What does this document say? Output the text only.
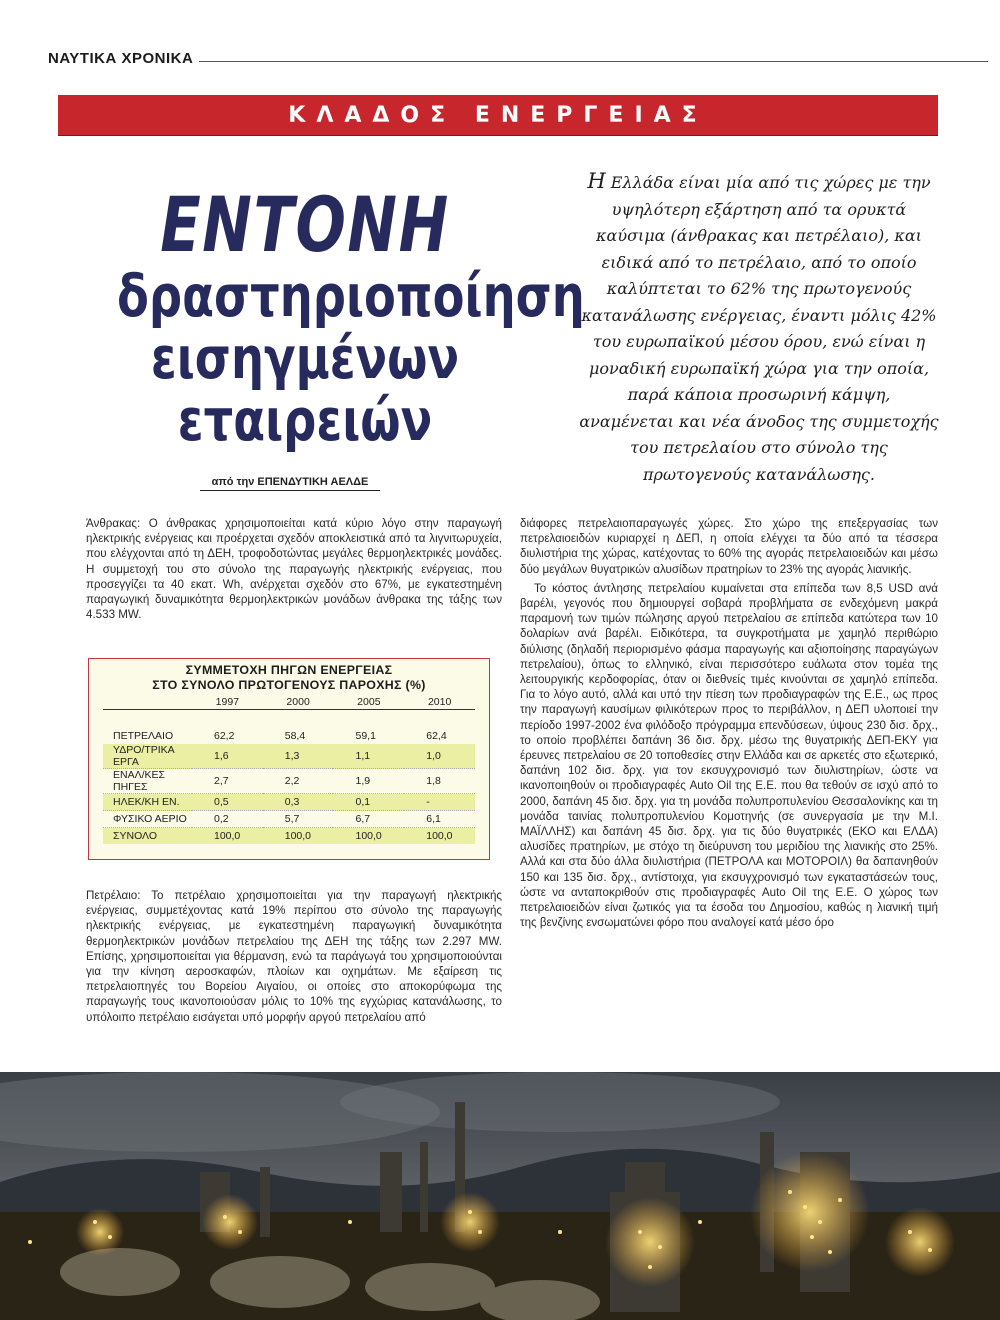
ΝΑΥΤΙΚΑ ΧΡΟΝΙΚΑ
ΚΛΑΔΟΣ ΕΝΕΡΓΕΙΑΣ
ΕΝΤΟΝΗ
δραστηριοποίηση
εισηγμένων
εταιρειών
από την ΕΠΕΝΔΥΤΙΚΗ ΑΕΛΔΕ
Η Ελλάδα είναι μία από τις χώρες με την υψηλότερη εξάρτηση από τα ορυκτά καύσιμα (άνθρακας και πετρέλαιο), και ειδικά από το πετρέλαιο, από το οποίο καλύπτεται το 62% της πρωτογενούς κατανάλωσης ενέργειας, έναντι μόλις 42% του ευρωπαϊκού μέσου όρου, ενώ είναι η μοναδική ευρωπαϊκή χώρα για την οποία, παρά κάποια προσωρινή κάμψη, αναμένεται και νέα άνοδος της συμμετοχής του πετρελαίου στο σύνολο της πρωτογενούς κατανάλωσης.

Άνθρακας: Ο άνθρακας χρησιμοποιείται κατά κύριο λόγο στην παραγωγή ηλεκτρικής ενέργειας και προέρχεται σχεδόν αποκλειστικά από τα λιγνιτωρυχεία, που ελέγχονται από τη ΔΕΗ, τροφοδοτώντας μεγάλες θερμοηλεκτρικές μονάδες. Η συμμετοχή του στο σύνολο της παραγωγής ηλεκτρικής ενέργειας, που προσεγγίζει τα 40 εκατ. Wh, ανέρχεται σχεδόν στο 67%, με εγκατεστημένη παραγωγική δυναμικότητα θερμοηλεκτρικών μονάδων άνθρακα της τάξης των 4.533 MW.

ΣΥΜΜΕΤΟΧΗ ΠΗΓΩΝ ΕΝΕΡΓΕΙΑΣ
ΣΤΟ ΣΥΝΟΛΟ ΠΡΩΤΟΓΕΝΟΥΣ ΠΑΡΟΧΗΣ (%)
	1997	2000	2005	2010

ΠΕΤΡΕΛΑΙΟ	62,2	58,4	59,1	62,4
ΥΔΡΟ/ΤΡΙΚΑ ΕΡΓΑ	1,6	1,3	1,1	1,0
ΕΝΑΛ/ΚΕΣ ΠΗΓΕΣ	2,7	2,2	1,9	1,8
ΗΛΕΚ/ΚΗ ΕΝ.	0,5	0,3	0,1	-
ΦΥΣΙΚΟ ΑΕΡΙΟ	0,2	5,7	6,7	6,1
ΣΥΝΟΛΟ	100,0	100,0	100,0	100,0

Πετρέλαιο: Το πετρέλαιο χρησιμοποιείται για την παραγωγή ηλεκτρικής ενέργειας, συμμετέχοντας κατά 19% περίπου στο σύνολο της παραγωγής ηλεκτρικής ενέργειας, με εγκατεστημένη παραγωγική δυναμικότητα θερμοηλεκτρικών μονάδων πετρελαίου της ΔΕΗ της τάξης των 2.297 MW. Επίσης, χρησιμοποιείται για θέρμανση, ενώ τα παράγωγά του χρησιμοποιούνται για την κίνηση αεροσκαφών, πλοίων και οχημάτων. Με εξαίρεση τις πετρελαιοπηγές του Βορείου Αιγαίου, οι οποίες στο αποκορύφωμα της παραγωγής τους ικανοποιούσαν μόλις το 10% της εγχώριας κατανάλωσης, το υπόλοιπο πετρέλαιο εισάγεται υπό μορφήν αργού πετρελαίου από

διάφορες πετρελαιοπαραγωγές χώρες. Στο χώρο της επεξεργασίας των πετρελαιοειδών κυριαρχεί η ΔΕΠ, η οποία ελέγχει τα δύο από τα τέσσερα διυλιστήρια της χώρας, κατέχοντας το 60% της αγοράς πετρελαιοειδών και μέσω δύο μεγάλων θυγατρικών αλυσίδων πρατηρίων το 23% της αγοράς λιανικής.

Το κόστος άντλησης πετρελαίου κυμαίνεται στα επίπεδα των 8,5 USD ανά βαρέλι, γεγονός που δημιουργεί σοβαρά προβλήματα σε ενδεχόμενη μακρά παραμονή των τιμών πώλησης αργού πετρελαίου σε επίπεδα κατώτερα των 10 δολαρίων ανά βαρέλι. Ειδικότερα, τα συγκροτήματα με χαμηλό περιθώριο διύλισης (δηλαδή περιορισμένο φάσμα παραγωγής και αξιοποίησης παραγώγων πετρελαίου), όπως το ελληνικό, είναι περισσότερο ευάλωτα στον τομέα της λειτουργικής κερδοφορίας, όταν οι διεθνείς τιμές κινούνται σε χαμηλό επίπεδα. Για το λόγο αυτό, αλλά και υπό την πίεση των προδιαγραφών της Ε.Ε., ως προς την παραγωγή καυσίμων φιλικότερων προς το περιβάλλον, η ΔΕΠ υλοποιεί την περίοδο 1997-2002 ένα φιλόδοξο πρόγραμμα επενδύσεων, ύψους 230 δισ. δρχ., το οποίο προβλέπει δαπάνη 36 δισ. δρχ. μέσω της θυγατρικής ΔΕΠ-ΕΚΥ για έρευνες πετρελαίου σε 20 τοποθεσίες στην Ελλάδα και σε αρκετές στο εξωτερικό, δαπάνη 102 δισ. δρχ. για τον εκσυγχρονισμό των διυλιστηρίων, ώστε να ικανοποιηθούν οι προδιαγραφές Auto Oil της Ε.Ε. που θα τεθούν σε ισχύ από το 2000, δαπάνη 45 δισ. δρχ. για τη μονάδα πολυπροπυλενίου Θεσσαλονίκης και τη μονάδα ταινίας πολυπροπυλενίου Κομοτηνής (σε συνεργασία με την Μ.Ι. ΜΑΪΛΛΗΣ) και δαπάνη 45 δισ. δρχ. για τις δύο θυγατρικές (ΕΚΟ και ΕΛΔΑ) αλυσίδες πρατηρίων, με στόχο τη διεύρυνση του μεριδίου της λιανικής στο 25%. Αλλά και στα δύο άλλα διυλιστήρια (ΠΕΤΡΟΛΑ και ΜΟΤΟΡΟΙΛ) θα δαπανηθούν 150 και 135 δισ. δρχ., αντίστοιχα, για εκσυγχρονισμό των εγκαταστάσεών τους, ώστε να ανταποκριθούν στις προδιαγραφές Auto Oil της Ε.Ε. Ο χώρος των πετρελαιοειδών είναι ζωτικός για τα έσοδα του Δημοσίου, καθώς η λιανική τιμή της βενζίνης ενσωματώνει φόρο που αναλογεί κατά μέσο όρο
